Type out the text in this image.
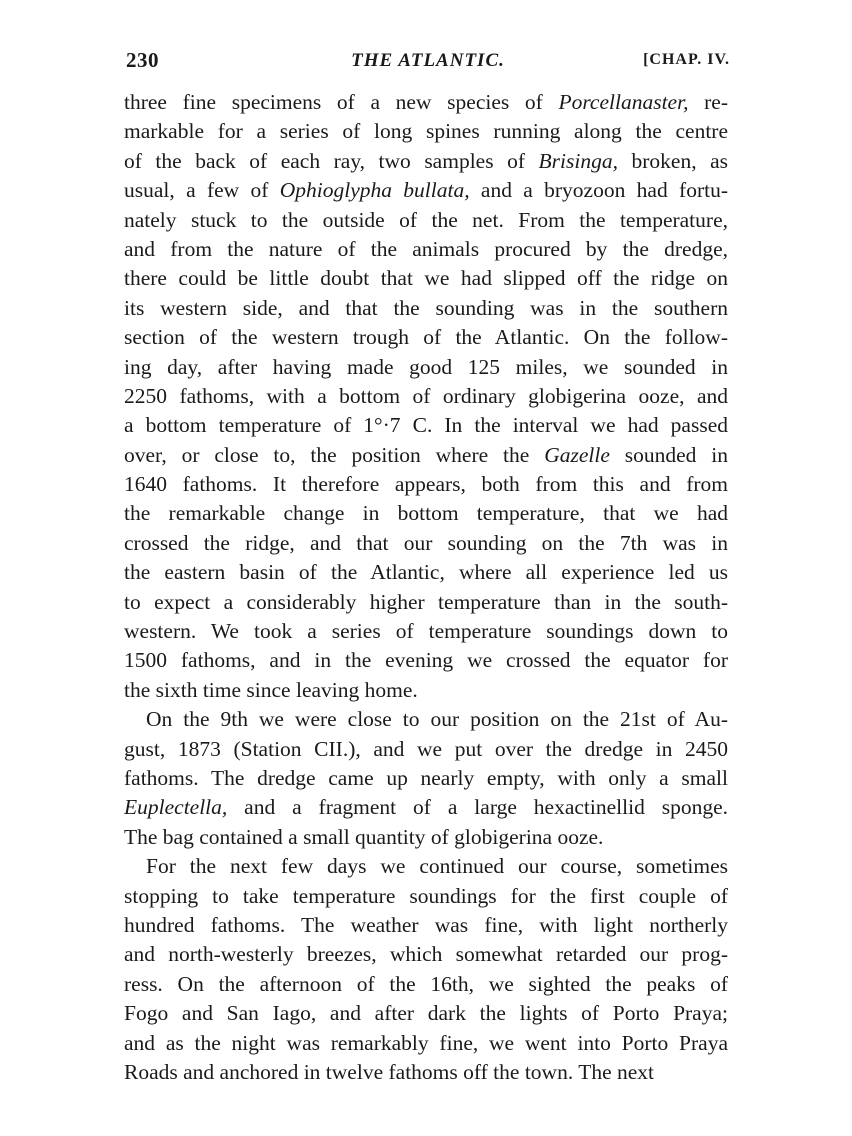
230	THE ATLANTIC.	[CHAP. IV.
three fine specimens of a new species of Porcellanaster, re-
markable for a series of long spines running along the centre
of the back of each ray, two samples of Brisinga, broken, as
usual, a few of Ophioglypha bullata, and a bryozoon had fortu-
nately stuck to the outside of the net. From the temperature,
and from the nature of the animals procured by the dredge,
there could be little doubt that we had slipped off the ridge on
its western side, and that the sounding was in the southern
section of the western trough of the Atlantic. On the follow-
ing day, after having made good 125 miles, we sounded in
2250 fathoms, with a bottom of ordinary globigerina ooze, and
a bottom temperature of 1°·7 C. In the interval we had passed
over, or close to, the position where the Gazelle sounded in
1640 fathoms. It therefore appears, both from this and from
the remarkable change in bottom temperature, that we had
crossed the ridge, and that our sounding on the 7th was in
the eastern basin of the Atlantic, where all experience led us
to expect a considerably higher temperature than in the south-
western. We took a series of temperature soundings down to
1500 fathoms, and in the evening we crossed the equator for
the sixth time since leaving home.
On the 9th we were close to our position on the 21st of Au-
gust, 1873 (Station CII.), and we put over the dredge in 2450
fathoms. The dredge came up nearly empty, with only a small
Euplectella, and a fragment of a large hexactinellid sponge.
The bag contained a small quantity of globigerina ooze.
For the next few days we continued our course, sometimes
stopping to take temperature soundings for the first couple of
hundred fathoms. The weather was fine, with light northerly
and north-westerly breezes, which somewhat retarded our prog-
ress. On the afternoon of the 16th, we sighted the peaks of
Fogo and San Iago, and after dark the lights of Porto Praya;
and as the night was remarkably fine, we went into Porto Praya
Roads and anchored in twelve fathoms off the town. The next
